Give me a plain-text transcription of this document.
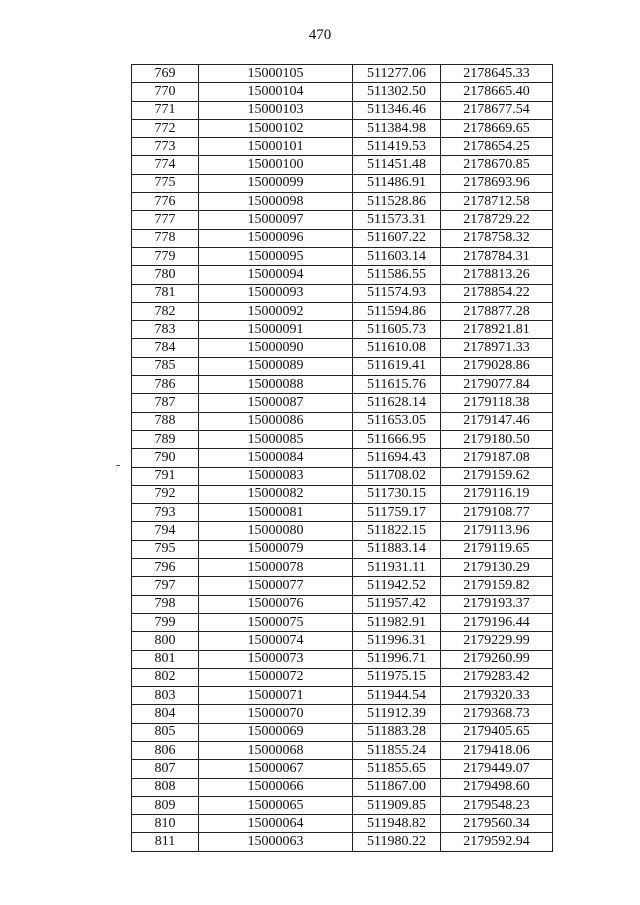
470
769	15000105	511277.06	2178645.33
770	15000104	511302.50	2178665.40
771	15000103	511346.46	2178677.54
772	15000102	511384.98	2178669.65
773	15000101	511419.53	2178654.25
774	15000100	511451.48	2178670.85
775	15000099	511486.91	2178693.96
776	15000098	511528.86	2178712.58
777	15000097	511573.31	2178729.22
778	15000096	511607.22	2178758.32
779	15000095	511603.14	2178784.31
780	15000094	511586.55	2178813.26
781	15000093	511574.93	2178854.22
782	15000092	511594.86	2178877.28
783	15000091	511605.73	2178921.81
784	15000090	511610.08	2178971.33
785	15000089	511619.41	2179028.86
786	15000088	511615.76	2179077.84
787	15000087	511628.14	2179118.38
788	15000086	511653.05	2179147.46
789	15000085	511666.95	2179180.50
790	15000084	511694.43	2179187.08
791	15000083	511708.02	2179159.62
792	15000082	511730.15	2179116.19
793	15000081	511759.17	2179108.77
794	15000080	511822.15	2179113.96
795	15000079	511883.14	2179119.65
796	15000078	511931.11	2179130.29
797	15000077	511942.52	2179159.82
798	15000076	511957.42	2179193.37
799	15000075	511982.91	2179196.44
800	15000074	511996.31	2179229.99
801	15000073	511996.71	2179260.99
802	15000072	511975.15	2179283.42
803	15000071	511944.54	2179320.33
804	15000070	511912.39	2179368.73
805	15000069	511883.28	2179405.65
806	15000068	511855.24	2179418.06
807	15000067	511855.65	2179449.07
808	15000066	511867.00	2179498.60
809	15000065	511909.85	2179548.23
810	15000064	511948.82	2179560.34
811	15000063	511980.22	2179592.94
